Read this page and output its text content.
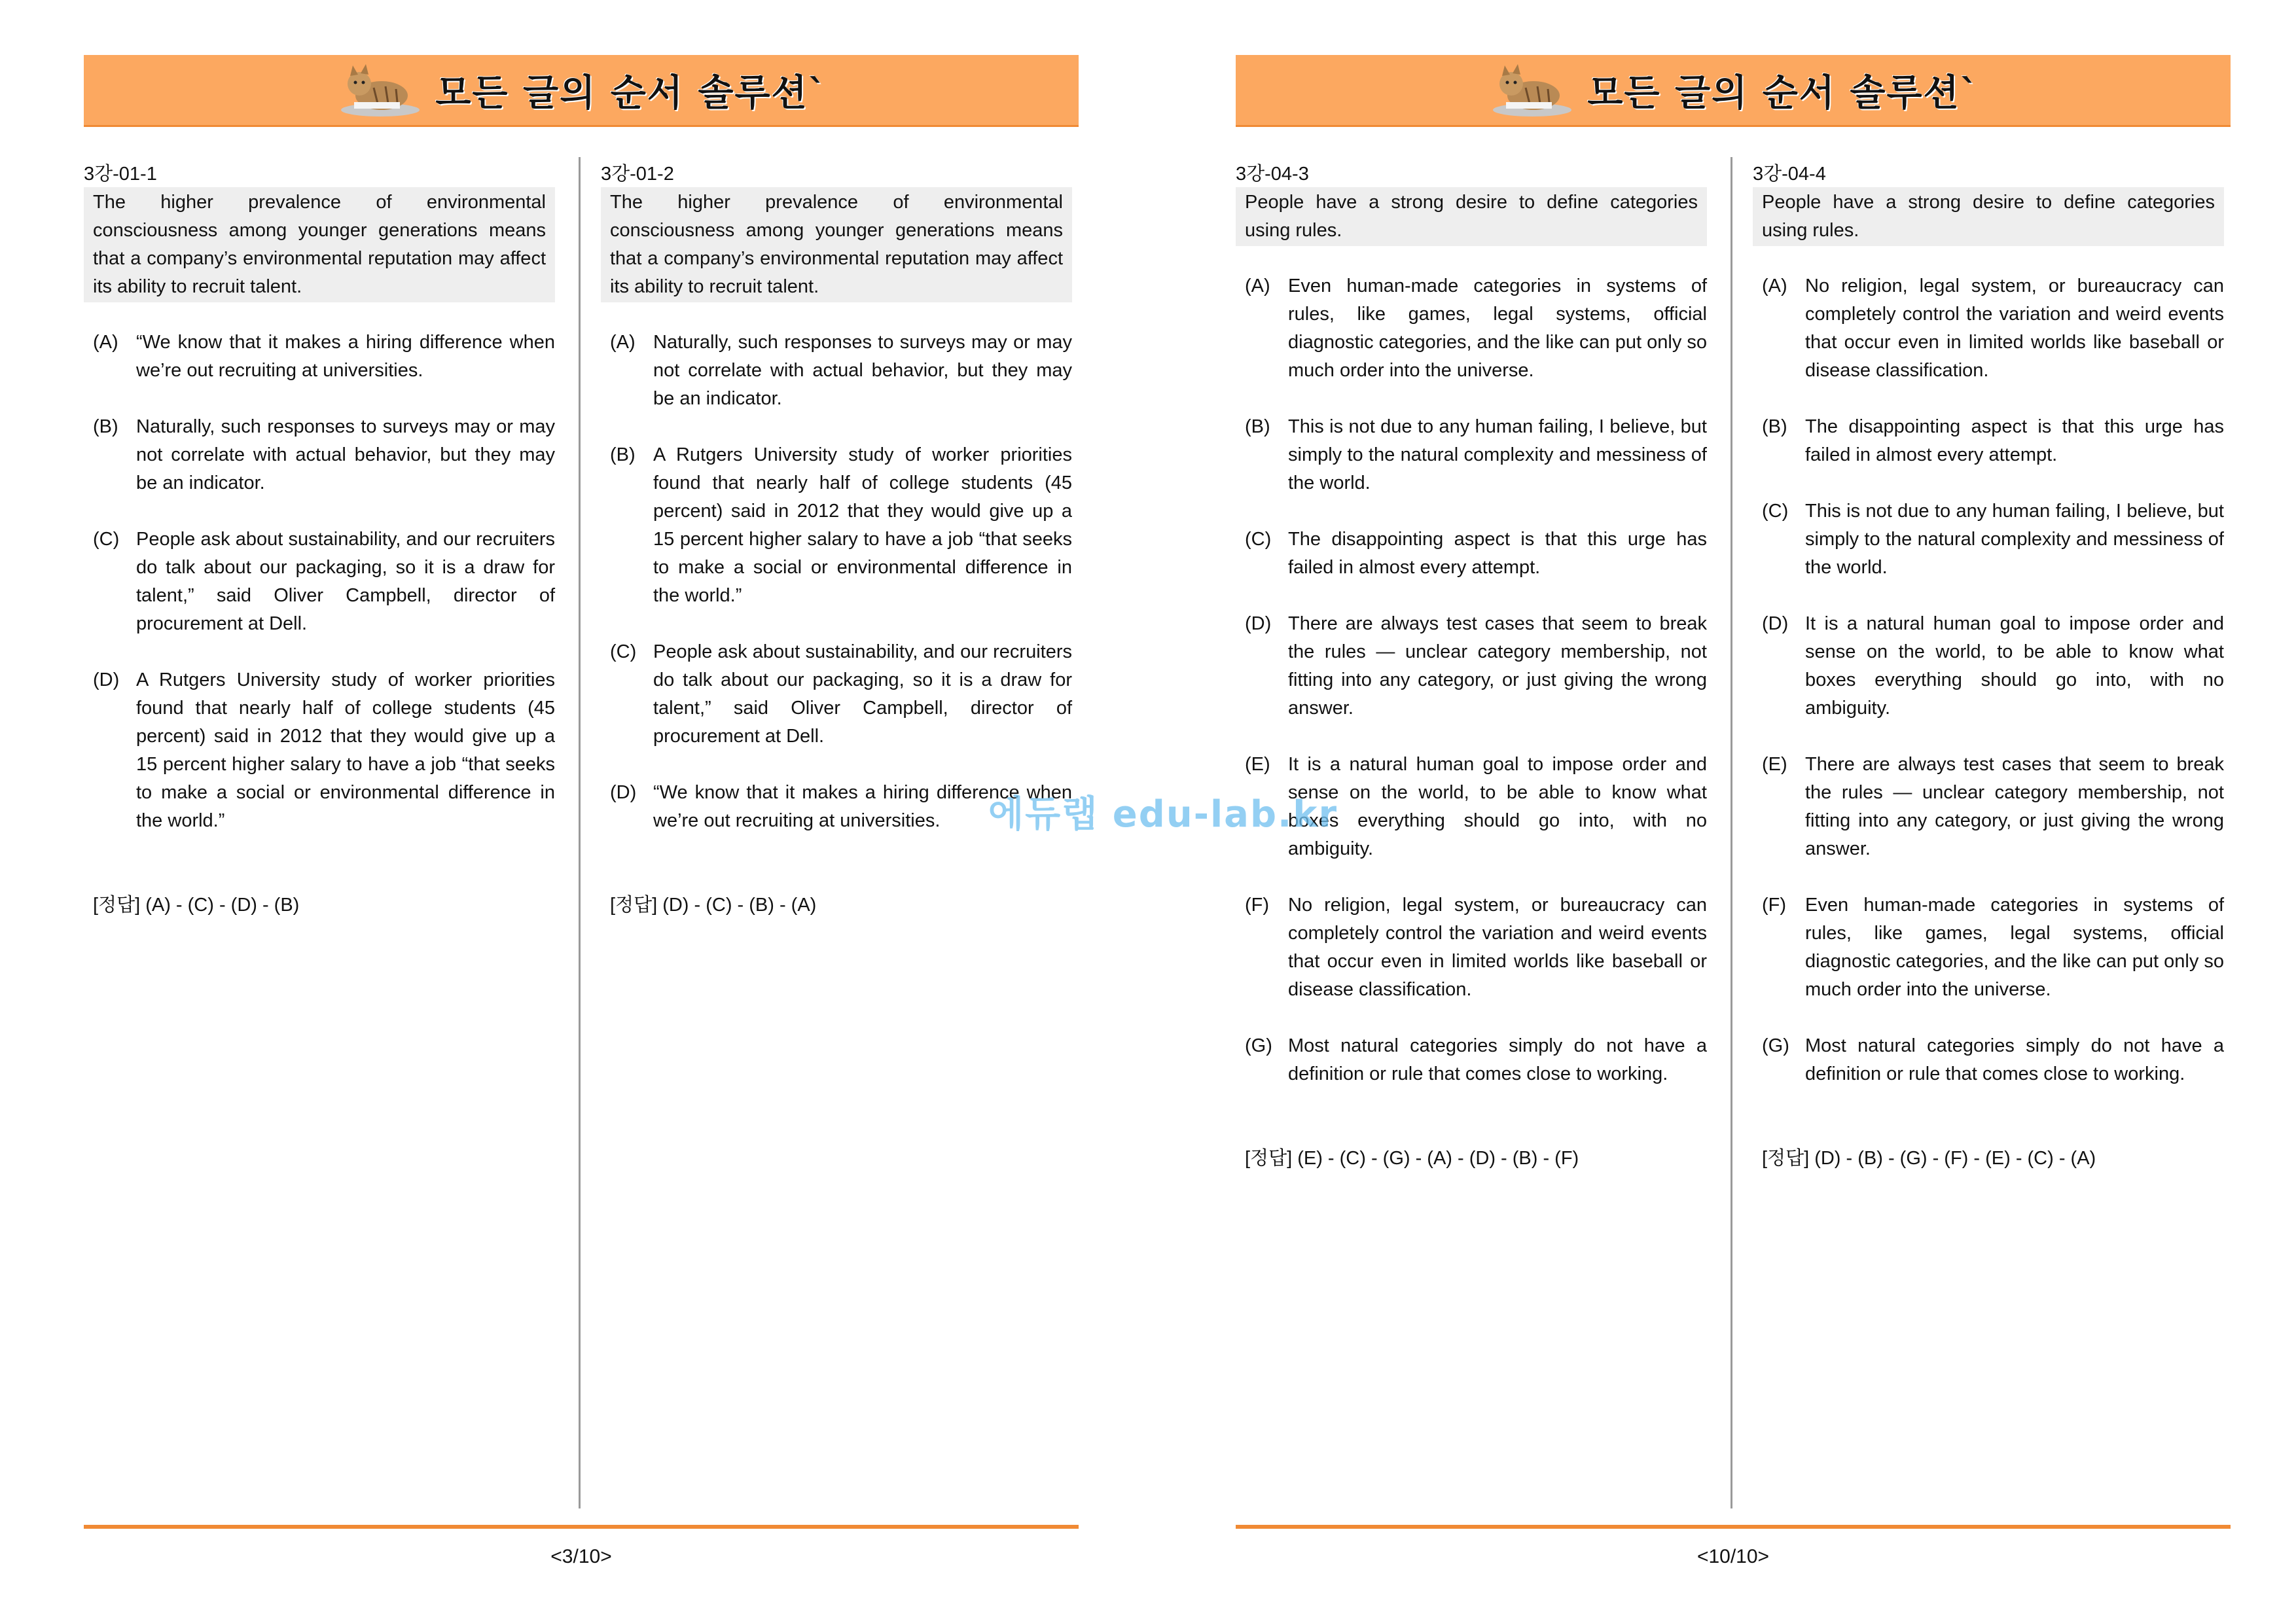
모든 글의 순서 솔루션`
3강-01-1
The higher prevalence of environmental consciousness among younger generations means that a company’s environmental reputation may affect its ability to recruit talent.
(A) “We know that it makes a hiring difference when we’re out recruiting at universities.
(B) Naturally, such responses to surveys may or may not correlate with actual behavior, but they may be an indicator.
(C) People ask about sustainability, and our recruiters do talk about our packaging, so it is a draw for talent,” said Oliver Campbell, director of procurement at Dell.
(D) A Rutgers University study of worker priorities found that nearly half of college students (45 percent) said in 2012 that they would give up a 15 percent higher salary to have a job “that seeks to make a social or environmental difference in the world.”
[정답] (A) - (C) - (D) - (B)
3강-01-2
The higher prevalence of environmental consciousness among younger generations means that a company’s environmental reputation may affect its ability to recruit talent.
(A) Naturally, such responses to surveys may or may not correlate with actual behavior, but they may be an indicator.
(B) A Rutgers University study of worker priorities found that nearly half of college students (45 percent) said in 2012 that they would give up a 15 percent higher salary to have a job “that seeks to make a social or environmental difference in the world.”
(C) People ask about sustainability, and our recruiters do talk about our packaging, so it is a draw for talent,” said Oliver Campbell, director of procurement at Dell.
(D) “We know that it makes a hiring difference when we’re out recruiting at universities.
[정답] (D) - (C) - (B) - (A)
<3/10>
모든 글의 순서 솔루션`
3강-04-3
People have a strong desire to define categories using rules.
(A) Even human-made categories in systems of rules, like games, legal systems, official diagnostic categories, and the like can put only so much order into the universe.
(B) This is not due to any human failing, I believe, but simply to the natural complexity and messiness of the world.
(C) The disappointing aspect is that this urge has failed in almost every attempt.
(D) There are always test cases that seem to break the rules — unclear category membership, not fitting into any category, or just giving the wrong answer.
(E) It is a natural human goal to impose order and sense on the world, to be able to know what boxes everything should go into, with no ambiguity.
(F) No religion, legal system, or bureaucracy can completely control the variation and weird events that occur even in limited worlds like baseball or disease classification.
(G) Most natural categories simply do not have a definition or rule that comes close to working.
[정답] (E) - (C) - (G) - (A) - (D) - (B) - (F)
3강-04-4
People have a strong desire to define categories using rules.
(A) No religion, legal system, or bureaucracy can completely control the variation and weird events that occur even in limited worlds like baseball or disease classification.
(B) The disappointing aspect is that this urge has failed in almost every attempt.
(C) This is not due to any human failing, I believe, but simply to the natural complexity and messiness of the world.
(D) It is a natural human goal to impose order and sense on the world, to be able to know what boxes everything should go into, with no ambiguity.
(E) There are always test cases that seem to break the rules — unclear category membership, not fitting into any category, or just giving the wrong answer.
(F) Even human-made categories in systems of rules, like games, legal systems, official diagnostic categories, and the like can put only so much order into the universe.
(G) Most natural categories simply do not have a definition or rule that comes close to working.
[정답] (D) - (B) - (G) - (F) - (E) - (C) - (A)
<10/10>
에듀랩 edu-lab.kr
